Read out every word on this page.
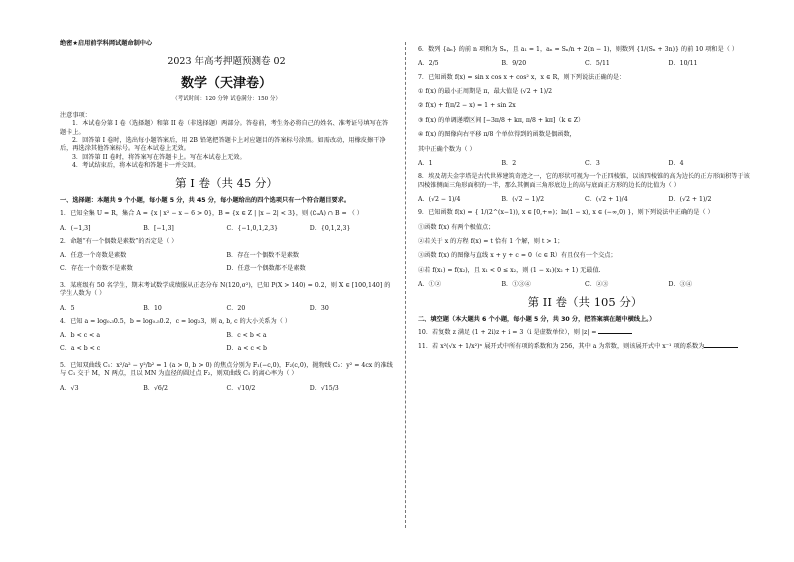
绝密★启用前学科网试题命制中心
2023 年高考押题预测卷 02
数学（天津卷）
（考试时间：120 分钟 试卷满分：150 分）
注意事项：
1．本试卷分第 I 卷（选择题）和第 II 卷（非选择题）两部分。答卷前，考生务必将自己的姓名、准考证号填写在答题卡上。
2．回答第 I 卷时，选出每小题答案后，用 2B 铅笔把答题卡上对应题目的答案标号涂黑。如需改动，用橡皮擦干净后，再选涂其他答案标号。写在本试卷上无效。
3．回答第 II 卷时，将答案写在答题卡上。写在本试卷上无效。
4．考试结束后，将本试卷和答题卡一并交回。
第 I 卷（共 45 分）
一、选择题：本题共 9 个小题，每小题 5 分，共 45 分，每小题给出的四个选项只有一个符合题目要求。
1．已知全集 U = R，集合 A = {x | x² − x − 6 > 0}，B = {x ∈ Z | |x − 2| < 3}，则 (∁ᵤA) ∩ B = （ ）
A．(−1,3]	B．[−1,3]	C．{−1,0,1,2,3}	D．{0,1,2,3}
2．命题“有一个偶数是素数”的否定是（ ）
A．任意一个奇数是素数	B．存在一个偶数不是素数
C．存在一个奇数不是素数	D．任意一个偶数都不是素数
3．某班级有 50 名学生，期末考试数学成绩服从正态分布 N(120,σ²)，已知 P(X > 140) = 0.2，则 X ∈ [100,140] 的学生人数为（ ）
A．5	B．10	C．20	D．30
4．已知 a = log₀.₃0.5，b = log₀.₅0.2，c = log₂3，则 a, b, c 的大小关系为（ ）
A．b < c < a	B．c < b < a
C．a < b < c	D．a < c < b
5．已知双曲线 C₁：x²/a² − y²/b² = 1 (a > 0, b > 0) 的焦点分别为 F₁(−c,0)，F₂(c,0)，抛物线 C₂：y² = 4cx 的准线与 C₁ 交于 M，N 两点，且以 MN 为直径的圆过点 F₂，则双曲线 C₁ 的离心率为（ ）
A．√3	B．√6/2	C．√10/2	D．√15/3
6．数列 {aₙ} 的前 n 项和为 Sₙ，且 a₁ = 1，aₙ = Sₙ/n + 2(n − 1)，则数列 {1/(Sₙ + 3n)} 的前 10 项和是（ ）
A．2/5	B．9/20	C．5/11	D．10/11
7．已知函数 f(x) = sin x cos x + cos² x，x ∈ R，则下列说法正确的是：
① f(x) 的最小正周期是 π，最大值是 (√2 + 1)/2
② f(x) + f(π/2 − x) = 1 + sin 2x
③ f(x) 的单调递增区间 [−3π/8 + kπ, π/8 + kπ]（k ∈ Z）
④ f(x) 的图像向右平移 π/8 个单位得到的函数是偶函数，
其中正确个数为（ ）
A．1	B．2	C．3	D．4
8．埃及胡夫金字塔是古代世界建筑奇迹之一，它的形状可视为一个正四棱锥，以该四棱锥的高为边长的正方形面积等于该四棱锥侧面三角形面积的一半，那么其侧面三角形底边上的高与底面正方形的边长的比值为（ ）
A．(√2 − 1)/4	B．(√2 − 1)/2	C．(√2 + 1)/4	D．(√2 + 1)/2
9．已知函数 f(x) = { 1/(2^(x−1)), x ∈ [0,+∞)；ln(1 − x), x ∈ (−∞,0) }，则下列说法中正确的是（ ）
①函数 f(x) 有两个极值点；
②若关于 x 的方程 f(x) = t 恰有 1 个解，则 t > 1；
③函数 f(x) 的图像与直线 x + y + c = 0（c ∈ R）有且仅有一个交点；
④若 f(x₁) = f(x₂)，且 x₁ < 0 ≤ x₂，则 (1 − x₁)(x₂ + 1) 无最值.
A．①②	B．①③④	C．②③	D．③④
第 II 卷（共 105 分）
二、填空题（本大题共 6 个小题，每小题 5 分，共 30 分，把答案填在题中横线上。）
10．若复数 z 满足 (1 + 2i)z + i = 3（i 是虚数单位），则 |z| =
11．若 x²(√x + 1/x²)ⁿ 展开式中所有项的系数和为 256，其中 a 为常数，则该展开式中 x⁻¹ 项的系数为
